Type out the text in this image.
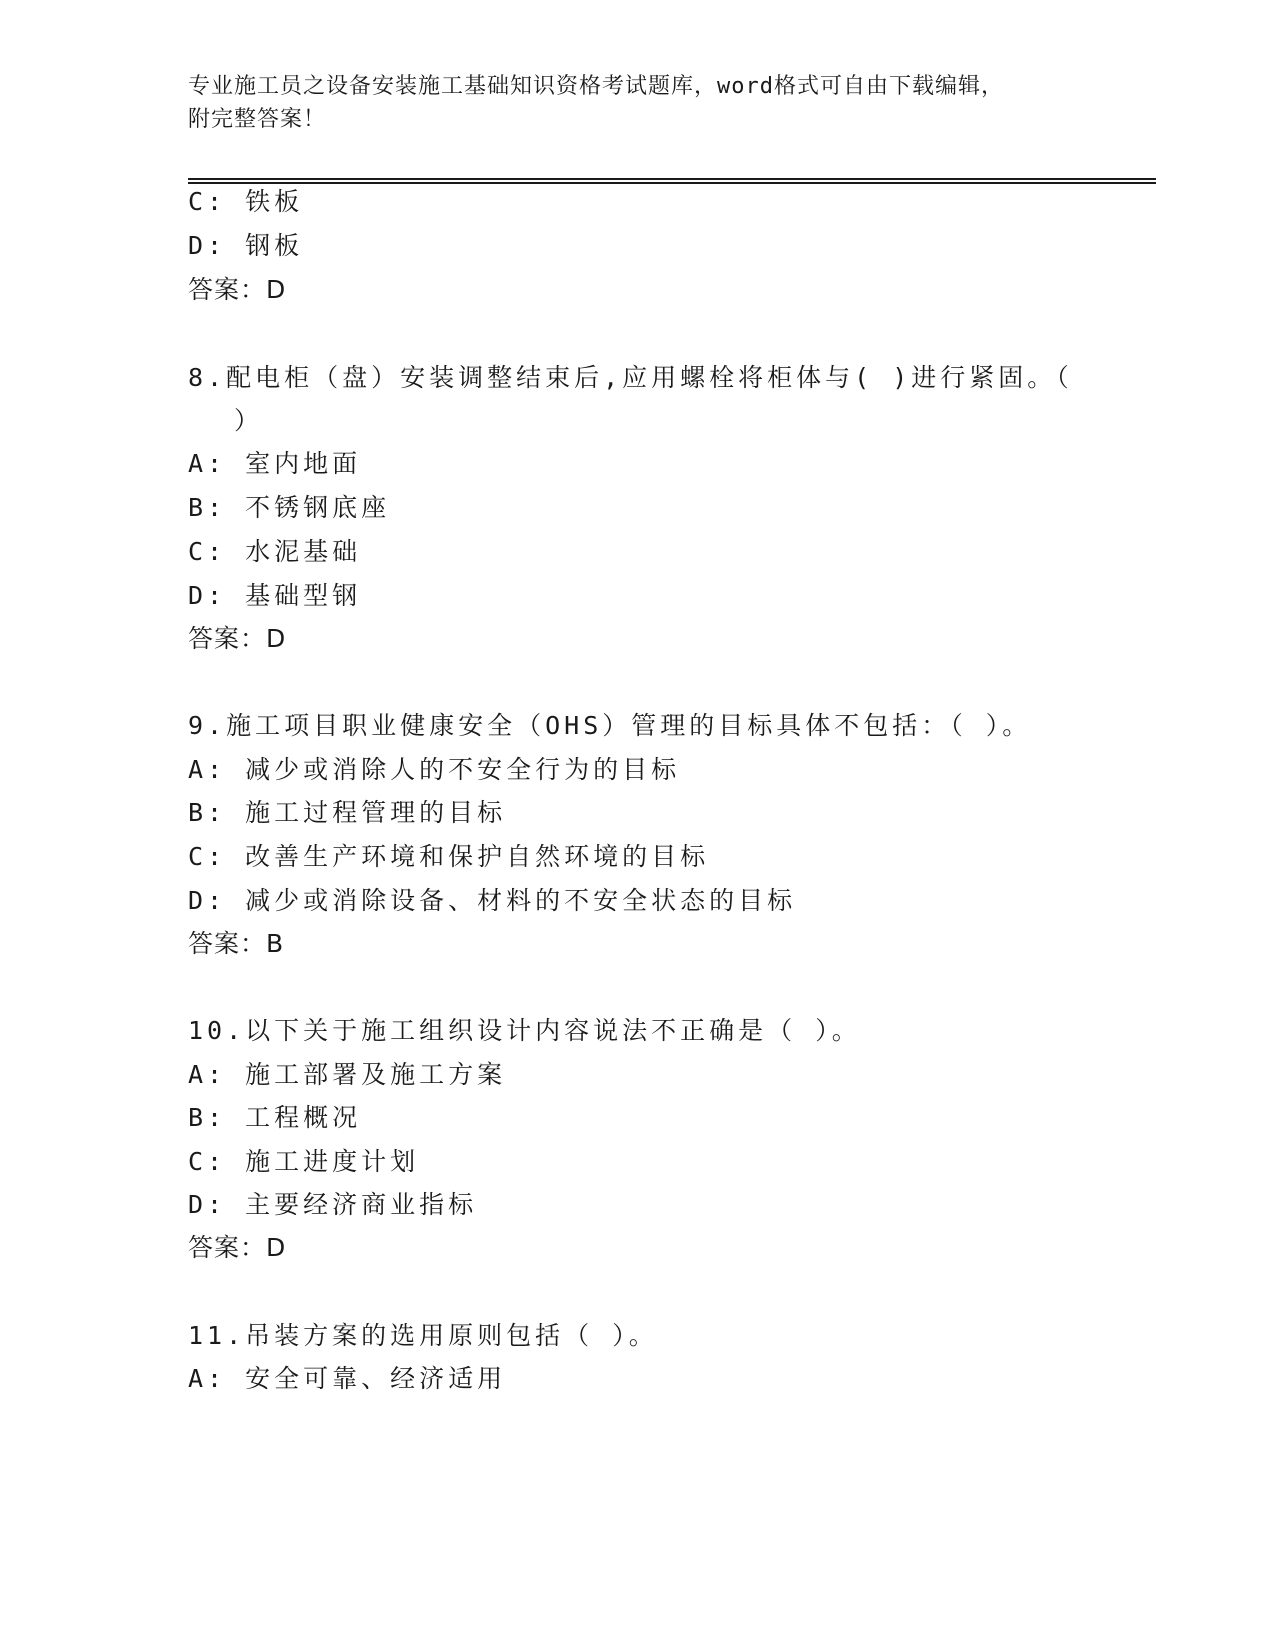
专业施工员之设备安装施工基础知识资格考试题库，word格式可自由下载编辑，
附完整答案！
C: 铁板
D: 钢板
答案：D
8.配电柜（盘）安装调整结束后,应用螺栓将柜体与( )进行紧固。（
）
A: 室内地面
B: 不锈钢底座
C: 水泥基础
D: 基础型钢
答案：D
9.施工项目职业健康安全（OHS）管理的目标具体不包括：（ ）。
A: 减少或消除人的不安全行为的目标
B: 施工过程管理的目标
C: 改善生产环境和保护自然环境的目标
D: 减少或消除设备、材料的不安全状态的目标
答案：B
10.以下关于施工组织设计内容说法不正确是（ ）。
A: 施工部署及施工方案
B: 工程概况
C: 施工进度计划
D: 主要经济商业指标
答案：D
11.吊装方案的选用原则包括（ ）。
A: 安全可靠、经济适用
